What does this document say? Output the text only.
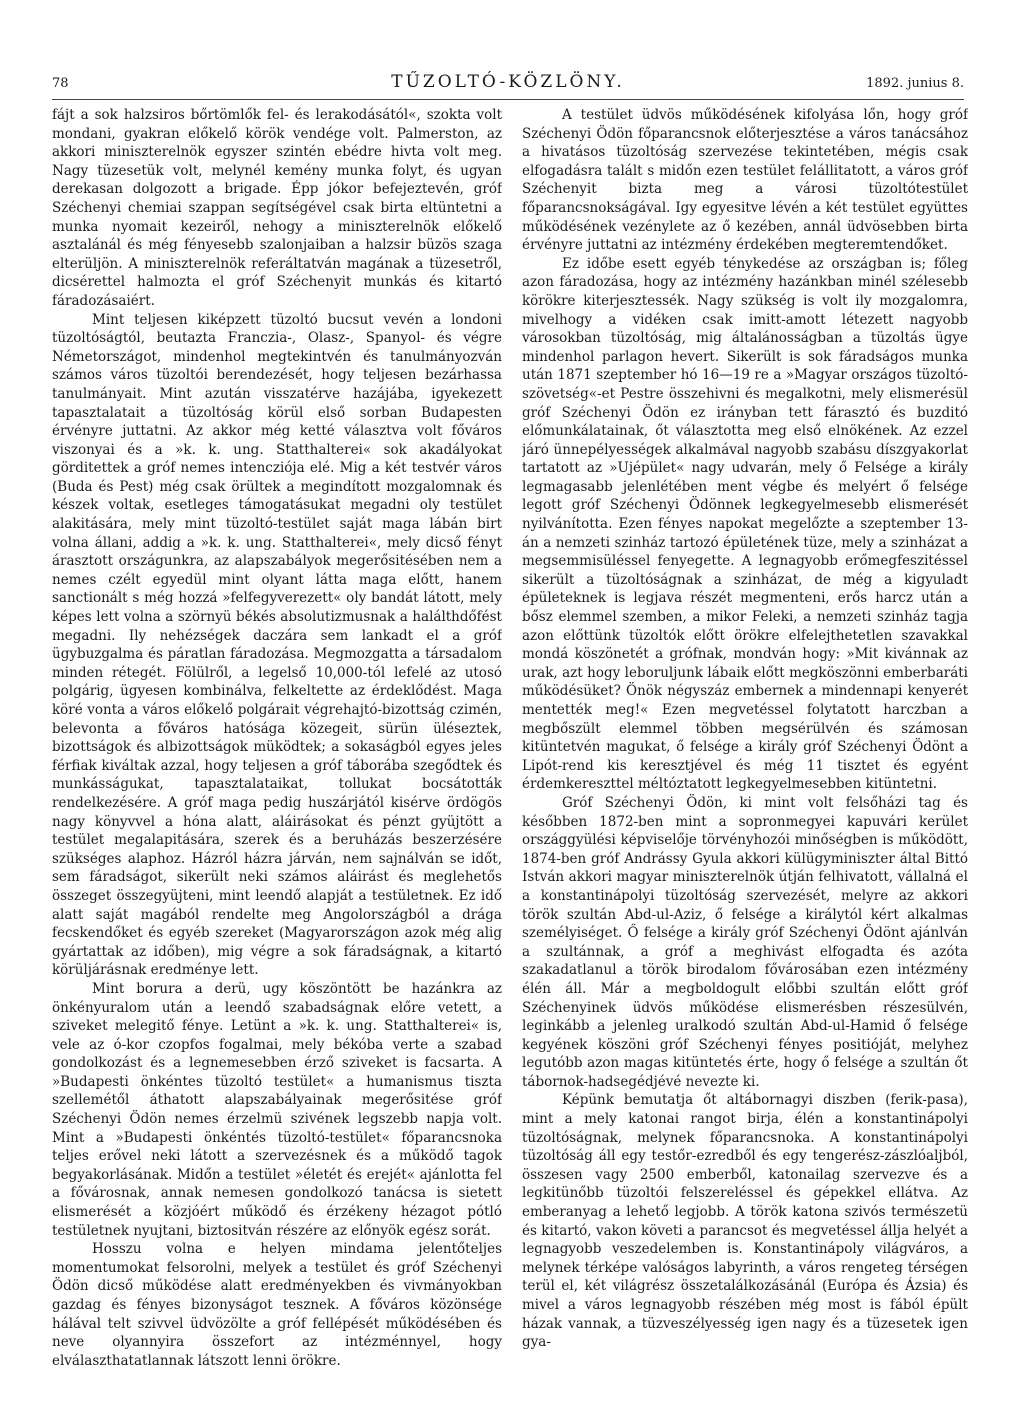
78	TŰZOLTÓ-KÖZLÖNY.	1892. junius 8.

fájt a sok halzsiros bőrtömlők fel- és lerakodásától«, szokta volt mondani, gyakran előkelő körök vendége volt. Palmerston, az akkori miniszterelnök egyszer szintén ebédre hivta volt meg. Nagy tüzesetük volt, melynél kemény munka folyt, és ugyan derekasan dolgozott a brigade. Épp jókor befejeztevén, gróf Széchenyi chemiai szappan segítségével csak birta eltüntetni a munka nyomait kezeiről, nehogy a miniszterelnök előkelő asztalánál és még fényesebb szalonjaiban a halzsir büzös szaga elterüljön. A miniszterelnök referáltatván magának a tüzesetről, dicsérettel halmozta el gróf Széchenyit munkás és kitartó fáradozásaiért.

Mint teljesen kiképzett tüzoltó bucsut vevén a londoni tüzoltóságtól, beutazta Franczia-, Olasz-, Spanyol- és végre Németországot, mindenhol megtekintvén és tanulmányozván számos város tüzoltói berendezését, hogy teljesen bezárhassa tanulmányait. Mint azután visszatérve hazájába, igyekezett tapasztalatait a tüzoltóság körül első sorban Budapesten érvényre juttatni. Az akkor még ketté választva volt főváros viszonyai és a »k. k. ung. Statthalterei« sok akadályokat görditettek a gróf nemes intencziója elé. Mig a két testvér város (Buda és Pest) még csak örültek a megindított mozgalomnak és készek voltak, esetleges támogatásukat megadni oly testület alakitására, mely mint tüzoltó-testület saját maga lábán birt volna állani, addig a »k. k. ung. Statthalterei«, mely dicső fényt árasztott országunkra, az alapszabályok megerősitésében nem a nemes czélt egyedül mint olyant látta maga előtt, hanem sanctionált s még hozzá »felfegyverezett« oly bandát látott, mely képes lett volna a szörnyü békés absolutizmusnak a halálthdőfést megadni. Ily nehézségek daczára sem lankadt el a gróf ügybuzgalma és páratlan fáradozása. Megmozgatta a társadalom minden rétegét. Fölülről, a legelső 10,000-tól lefelé az utosó polgárig, ügyesen kombinálva, felkeltette az érdeklődést. Maga köré vonta a város előkelő polgárait végrehajtó-bizottság czimén, belevonta a főváros hatósága közegeit, sürün üléseztek, bizottságok és albizottságok müködtek; a sokaságból egyes jeles férfiak kiváltak azzal, hogy teljesen a gróf táborába szegődtek és munkásságukat, tapasztalataikat, tollukat bocsátották rendelkezésére. A gróf maga pedig huszárjától kisérve ördögös nagy könyvvel a hóna alatt, aláirásokat és pénzt gyüjtött a testület megalapitására, szerek és a beruházás beszerzésére szükséges alaphoz. Házról házra járván, nem sajnálván se időt, sem fáradságot, sikerült neki számos aláirást és meglehetős összeget összegyüjteni, mint leendő alapját a testületnek. Ez idő alatt saját magából rendelte meg Angolországból a drága fecskendőket és egyéb szereket (Magyarországon azok még alig gyártattak az időben), mig végre a sok fáradságnak, a kitartó körüljárásnak eredménye lett.

Mint borura a derü, ugy köszöntött be hazánkra az önkényuralom után a leendő szabadságnak előre vetett, a sziveket melegitő fénye. Letünt a »k. k. ung. Statthalterei« is, vele az ó-kor czopfos fogalmai, mely békóba verte a szabad gondolkozást és a legnemesebben érző sziveket is facsarta. A »Budapesti önkéntes tüzoltó testület« a humanismus tiszta szellemétől áthatott alapszabályainak megerősitése gróf Széchenyi Ödön nemes érzelmü szivének legszebb napja volt. Mint a »Budapesti önkéntés tüzoltó-testület« főparancsnoka teljes erővel neki látott a szervezésnek és a működő tagok begyakorlásának. Midőn a testület »életét és erejét« ajánlotta fel a fővárosnak, annak nemesen gondolkozó tanácsa is sietett elismerését a közjóért működő és érzékeny hézagot pótló testületnek nyujtani, biztositván részére az előnyök egész sorát.

Hosszu volna e helyen mindama jelentőteljes momentumokat felsorolni, melyek a testület és gróf Széchenyi Ödön dicső működése alatt eredményekben és vivmányokban gazdag és fényes bizonyságot tesznek. A főváros közönsége hálával telt szivvel üdvözölte a gróf fellépését működésében és neve olyannyira összefort az intézménnyel, hogy elválaszthatatlannak látszott lenni örökre.

A testület üdvös működésének kifolyása lőn, hogy gróf Széchenyi Ödön főparancsnok előterjesztése a város tanácsához a hivatásos tüzoltóság szervezése tekintetében, mégis csak elfogadásra talált s midőn ezen testület felállitatott, a város gróf Széchenyit bizta meg a városi tüzoltótestület főparancsnokságával. Igy egyesitve lévén a két testület együttes működésének vezénylete az ő kezében, annál üdvösebben birta érvényre juttatni az intézmény érdekében megteremtendőket.

Ez időbe esett egyéb ténykedése az országban is; főleg azon fáradozása, hogy az intézmény hazánkban minél szélesebb körökre kiterjesztessék. Nagy szükség is volt ily mozgalomra, mivelhogy a vidéken csak imitt-amott létezett nagyobb városokban tüzoltóság, mig általánosságban a tüzoltás ügye mindenhol parlagon hevert. Sikerült is sok fáradságos munka után 1871 szeptember hó 16—19 re a »Magyar országos tüzoltó-szövetség«-et Pestre összehivni és megalkotni, mely elismerésül gróf Széchenyi Ödön ez irányban tett fárasztó és buzditó előmunkálatainak, őt választotta meg első elnökének. Az ezzel járó ünnepélyességek alkalmával nagyobb szabásu díszgyakorlat tartatott az »Ujépület« nagy udvarán, mely ő Felsége a király legmagasabb jelenlétében ment végbe és melyért ő felsége legott gróf Széchenyi Ödönnek legkegyelmesebb elismerését nyilvánította. Ezen fényes napokat megelőzte a szeptember 13-án a nemzeti szinház tartozó épületének tüze, mely a szinházat a megsemmisüléssel fenyegette. A legnagyobb erőmegfeszitéssel sikerült a tüzoltóságnak a szinházat, de még a kigyuladt épületeknek is legjava részét megmenteni, erős harcz után a bősz elemmel szemben, a mikor Feleki, a nemzeti szinház tagja azon előttünk tüzoltók előtt örökre elfelejthetetlen szavakkal mondá köszönetét a grófnak, mondván hogy: »Mit kivánnak az urak, azt hogy leboruljunk lábaik előtt megköszönni emberbaráti működésüket? Önök négyszáz embernek a mindennapi kenyerét mentették meg!« Ezen megvetéssel folytatott harczban a megbőszült elemmel többen megsérülvén és számosan kitüntetvén magukat, ő felsége a király gróf Széchenyi Ödönt a Lipót-rend kis keresztjével és még 11 tisztet és egyént érdemkereszttel méltóztatott legkegyelmesebben kitüntetni.

Gróf Széchenyi Ödön, ki mint volt felsőházi tag és későbben 1872-ben mint a sopronmegyei kapuvári kerület országgyülési képviselője törvényhozói minőségben is működött, 1874-ben gróf Andrássy Gyula akkori külügyminiszter által Bittó István akkori magyar miniszterelnök útján felhivatott, vállalná el a konstantinápolyi tüzoltóság szervezését, melyre az akkori török szultán Abd-ul-Aziz, ő felsége a királytól kért alkalmas személyiséget. Ő felsége a király gróf Széchenyi Ödönt ajánlván a szultánnak, a gróf a meghivást elfogadta és azóta szakadatlanul a török birodalom fővárosában ezen intézmény élén áll. Már a megboldogult előbbi szultán előtt gróf Széchenyinek üdvös működése elismerésben részesülvén, leginkább a jelenleg uralkodó szultán Abd-ul-Hamid ő felsége kegyének köszöni gróf Széchenyi fényes positióját, melyhez legutóbb azon magas kitüntetés érte, hogy ő felsége a szultán őt tábornok-hadsegédjévé nevezte ki.

Képünk bemutatja őt altábornagyi diszben (ferik-pasa), mint a mely katonai rangot birja, élén a konstantinápolyi tüzoltóságnak, melynek főparancsnoka. A konstantinápolyi tüzoltóság áll egy testőr-ezredből és egy tengerész-zászlóaljból, összesen vagy 2500 emberből, katonailag szervezve és a legkitünőbb tüzoltói felszereléssel és gépekkel ellátva. Az emberanyag a lehető legjobb. A török katona szivós természetü és kitartó, vakon követi a parancsot és megvetéssel állja helyét a legnagyobb veszedelemben is. Konstantinápoly világváros, a melynek térképe valóságos labyrinth, a város rengeteg térségen terül el, két világrész összetalálkozásánál (Európa és Ázsia) és mivel a város legnagyobb részében még most is fából épült házak vannak, a tüzveszélyesség igen nagy és a tüzesetek igen gya-
